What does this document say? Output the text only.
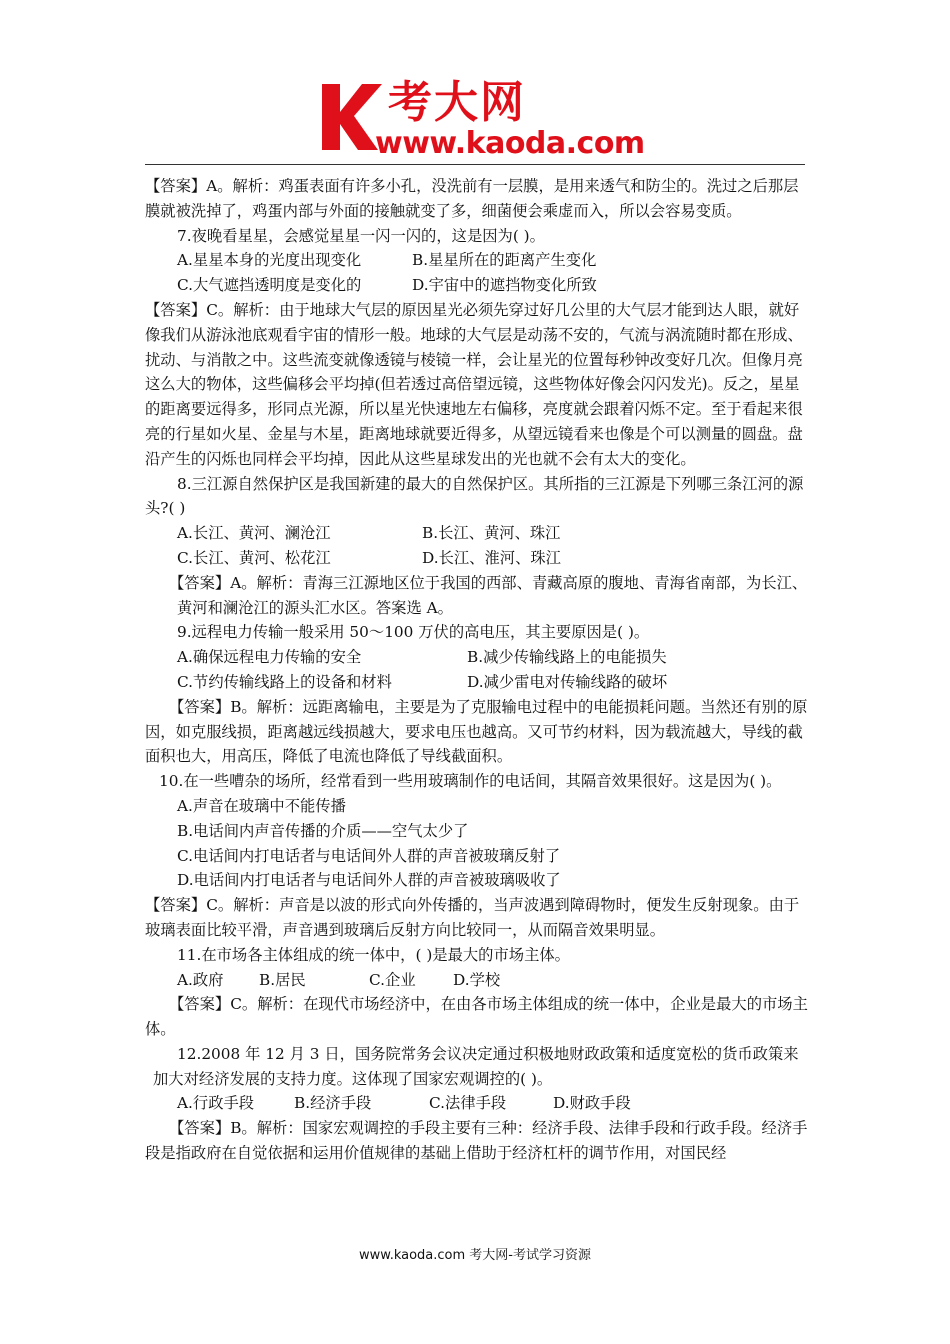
考大网
www.kaoda.com

【答案】A。解析：鸡蛋表面有许多小孔，没洗前有一层膜，是用来透气和防尘的。洗过之后那层膜就被洗掉了，鸡蛋内部与外面的接触就变了多，细菌便会乘虚而入，所以会容易变质。

7.夜晚看星星，会感觉星星一闪一闪的，这是因为( )。

A.星星本身的光度出现变化	B.星星所在的距离产生变化
C.大气遮挡透明度是变化的	D.宇宙中的遮挡物变化所致

【答案】C。解析：由于地球大气层的原因星光必须先穿过好几公里的大气层才能到达人眼，就好像我们从游泳池底观看宇宙的情形一般。地球的大气层是动荡不安的，气流与涡流随时都在形成、扰动、与消散之中。这些流变就像透镜与棱镜一样，会让星光的位置每秒钟改变好几次。但像月亮这么大的物体，这些偏移会平均掉(但若透过高倍望远镜，这些物体好像会闪闪发光)。反之，星星的距离要远得多，形同点光源，所以星光快速地左右偏移，亮度就会跟着闪烁不定。至于看起来很亮的行星如火星、金星与木星，距离地球就要近得多，从望远镜看来也像是个可以测量的圆盘。盘沿产生的闪烁也同样会平均掉，因此从这些星球发出的光也就不会有太大的变化。

8.三江源自然保护区是我国新建的最大的自然保护区。其所指的三江源是下列哪三条江河的源头?( )

A.长江、黄河、澜沧江	B.长江、黄河、珠江
C.长江、黄河、松花江	D.长江、淮河、珠江

【答案】A。解析：青海三江源地区位于我国的西部、青藏高原的腹地、青海省南部，为长江、黄河和澜沧江的源头汇水区。答案选 A。

9.远程电力传输一般采用 50～100 万伏的高电压，其主要原因是( )。

A.确保远程电力传输的安全	B.减少传输线路上的电能损失
C.节约传输线路上的设备和材料	D.减少雷电对传输线路的破坏

【答案】B。解析：远距离输电，主要是为了克服输电过程中的电能损耗问题。当然还有别的原因，如克服线损，距离越远线损越大，要求电压也越高。又可节约材料，因为载流越大，导线的截面积也大，用高压，降低了电流也降低了导线截面积。

10.在一些嘈杂的场所，经常看到一些用玻璃制作的电话间，其隔音效果很好。这是因为( )。

A.声音在玻璃中不能传播

B.电话间内声音传播的介质——空气太少了

C.电话间内打电话者与电话间外人群的声音被玻璃反射了

D.电话间内打电话者与电话间外人群的声音被玻璃吸收了

【答案】C。解析：声音是以波的形式向外传播的，当声波遇到障碍物时，便发生反射现象。由于玻璃表面比较平滑，声音遇到玻璃后反射方向比较同一，从而隔音效果明显。

11.在市场各主体组成的统一体中，( )是最大的市场主体。

A.政府	B.居民	C.企业	D.学校

【答案】C。解析：在现代市场经济中，在由各市场主体组成的统一体中，企业是最大的市场主体。

12.2008 年 12 月 3 日，国务院常务会议决定通过积极地财政政策和适度宽松的货币政策来加大对经济发展的支持力度。这体现了国家宏观调控的( )。

A.行政手段	B.经济手段	C.法律手段	D.财政手段

【答案】B。解析：国家宏观调控的手段主要有三种：经济手段、法律手段和行政手段。经济手段是指政府在自觉依据和运用价值规律的基础上借助于经济杠杆的调节作用，对国民经

www.kaoda.com 考大网-考试学习资源
